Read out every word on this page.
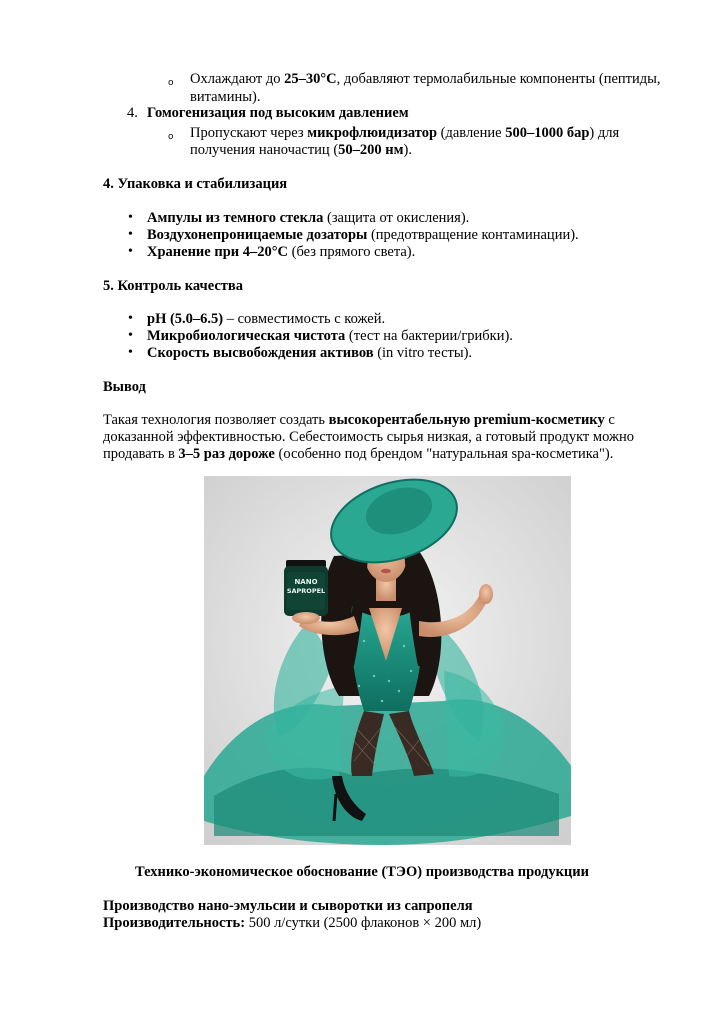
o Охлаждают до 25–30°C, добавляют термолабильные компоненты (пептиды,
витамины).
4. Гомогенизация под высоким давлением
o Пропускают через микрофлюидизатор (давление 500–1000 бар) для
получения наночастиц (50–200 нм).
4. Упаковка и стабилизация
• Ампулы из темного стекла (защита от окисления).
• Воздухонепроницаемые дозаторы (предотвращение контаминации).
• Хранение при 4–20°C (без прямого света).
5. Контроль качества
• pH (5.0–6.5) – совместимость с кожей.
• Микробиологическая чистота (тест на бактерии/грибки).
• Скорость высвобождения активов (in vitro тесты).
Вывод
Такая технология позволяет создать высокорентабельную premium-косметику с
доказанной эффективностью. Себестоимость сырья низкая, а готовый продукт можно
продавать в 3–5 раз дороже (особенно под брендом "натуральная spa-косметика").
NANO
SAPROPEL
Технико-экономическое обоснование (ТЭО) производства продукции
Производство нано-эмульсии и сыворотки из сапропеля
Производительность: 500 л/сутки (2500 флаконов × 200 мл)
